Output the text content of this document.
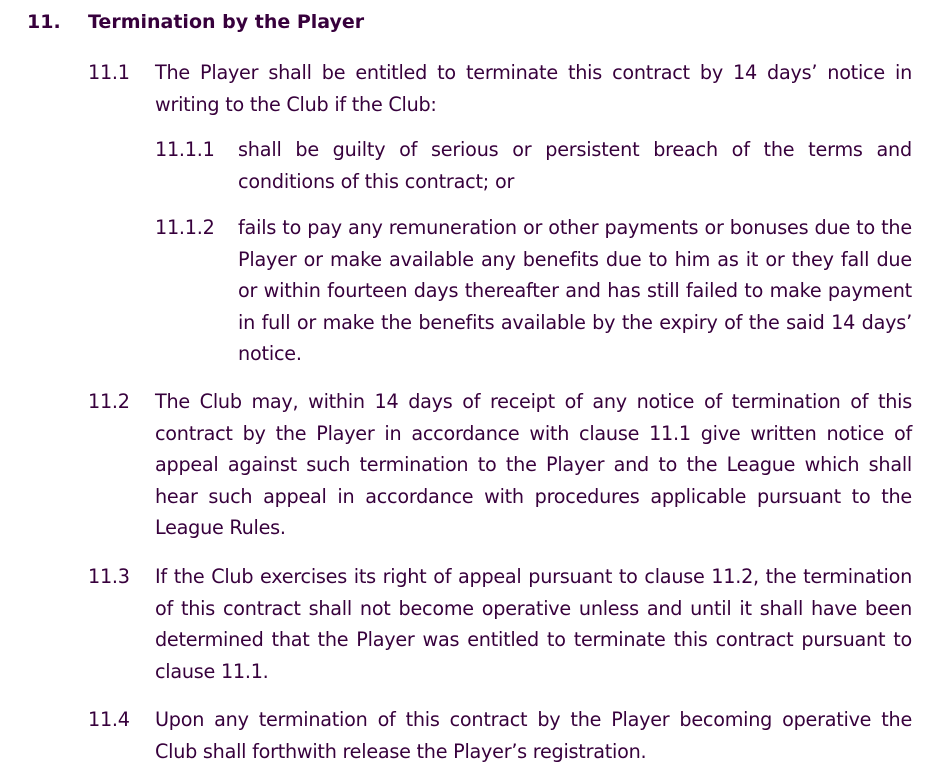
11.	Termination by the Player
11.1	The Player shall be entitled to terminate this contract by 14 days’ notice in writing to the Club if the Club:
11.1.1	shall be guilty of serious or persistent breach of the terms and conditions of this contract; or
11.1.2	fails to pay any remuneration or other payments or bonuses due to the Player or make available any benefits due to him as it or they fall due or within fourteen days thereafter and has still failed to make payment in full or make the benefits available by the expiry of the said 14 days’ notice.
11.2	The Club may, within 14 days of receipt of any notice of termination of this contract by the Player in accordance with clause 11.1 give written notice of appeal against such termination to the Player and to the League which shall hear such appeal in accordance with procedures applicable pursuant to the League Rules.
11.3	If the Club exercises its right of appeal pursuant to clause 11.2, the termination of this contract shall not become operative unless and until it shall have been determined that the Player was entitled to terminate this contract pursuant to clause 11.1.
11.4	Upon any termination of this contract by the Player becoming operative the Club shall forthwith release the Player’s registration.
